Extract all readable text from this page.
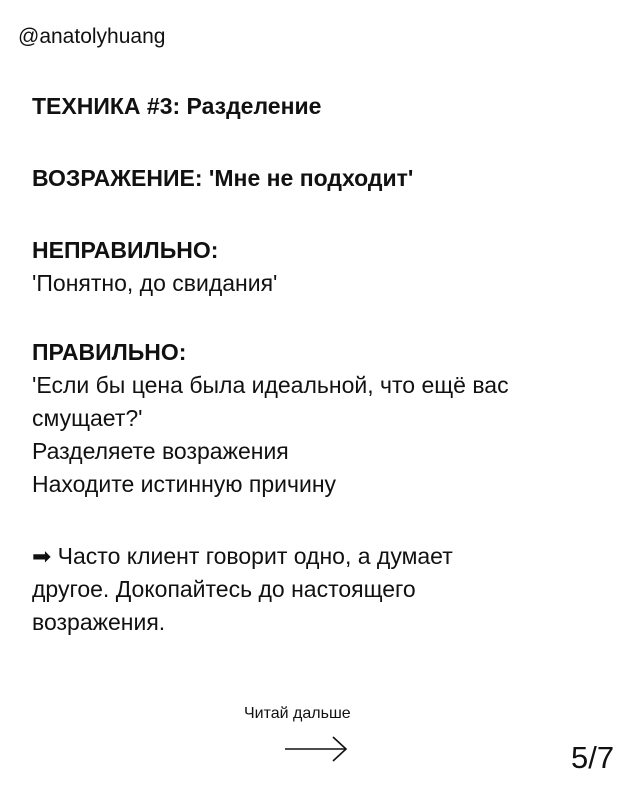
@anatolyhuang
ТЕХНИКА #3: Разделение
ВОЗРАЖЕНИЕ: 'Мне не подходит'
НЕПРАВИЛЬНО:
'Понятно, до свидания'
ПРАВИЛЬНО:
'Если бы цена была идеальной, что ещё вас
смущает?'
Разделяете возражения
Находите истинную причину
➡ Часто клиент говорит одно, а думает
другое. Докопайтесь до настоящего
возражения.
Читай дальше
5/7
